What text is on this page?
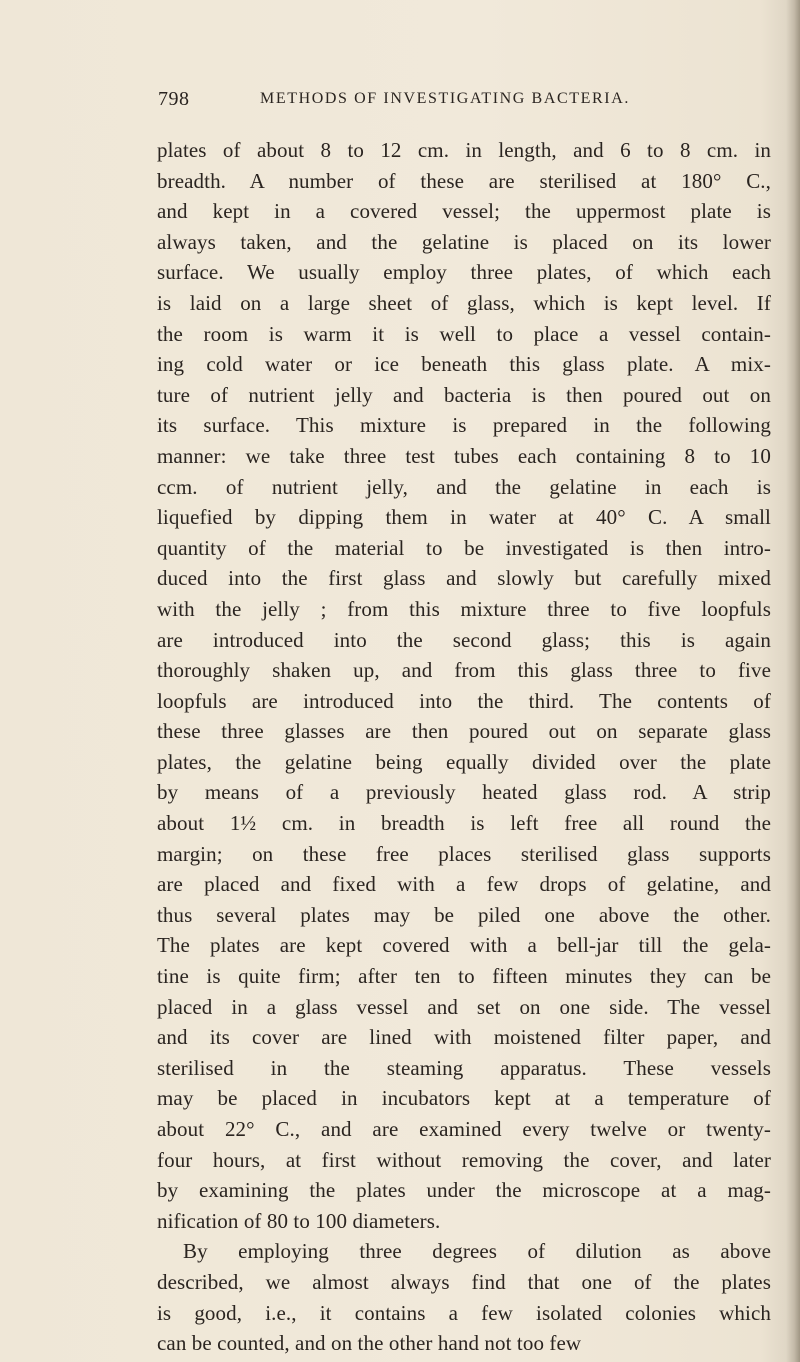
798	METHODS OF INVESTIGATING BACTERIA.
plates of about 8 to 12 cm. in length, and 6 to 8 cm. in
breadth. A number of these are sterilised at 180° C.,
and kept in a covered vessel; the uppermost plate is
always taken, and the gelatine is placed on its lower
surface. We usually employ three plates, of which each
is laid on a large sheet of glass, which is kept level. If
the room is warm it is well to place a vessel contain-
ing cold water or ice beneath this glass plate. A mix-
ture of nutrient jelly and bacteria is then poured out on
its surface. This mixture is prepared in the following
manner: we take three test tubes each containing 8 to 10
ccm. of nutrient jelly, and the gelatine in each is
liquefied by dipping them in water at 40° C. A small
quantity of the material to be investigated is then intro-
duced into the first glass and slowly but carefully mixed
with the jelly ; from this mixture three to five loopfuls
are introduced into the second glass; this is again
thoroughly shaken up, and from this glass three to five
loopfuls are introduced into the third. The contents of
these three glasses are then poured out on separate glass
plates, the gelatine being equally divided over the plate
by means of a previously heated glass rod. A strip
about 1½ cm. in breadth is left free all round the
margin; on these free places sterilised glass supports
are placed and fixed with a few drops of gelatine, and
thus several plates may be piled one above the other.
The plates are kept covered with a bell-jar till the gela-
tine is quite firm; after ten to fifteen minutes they can be
placed in a glass vessel and set on one side. The vessel
and its cover are lined with moistened filter paper, and
sterilised in the steaming apparatus. These vessels
may be placed in incubators kept at a temperature of
about 22° C., and are examined every twelve or twenty-
four hours, at first without removing the cover, and later
by examining the plates under the microscope at a mag-
nification of 80 to 100 diameters.
By employing three degrees of dilution as above
described, we almost always find that one of the plates
is good, i.e., it contains a few isolated colonies which
can be counted, and on the other hand not too few
